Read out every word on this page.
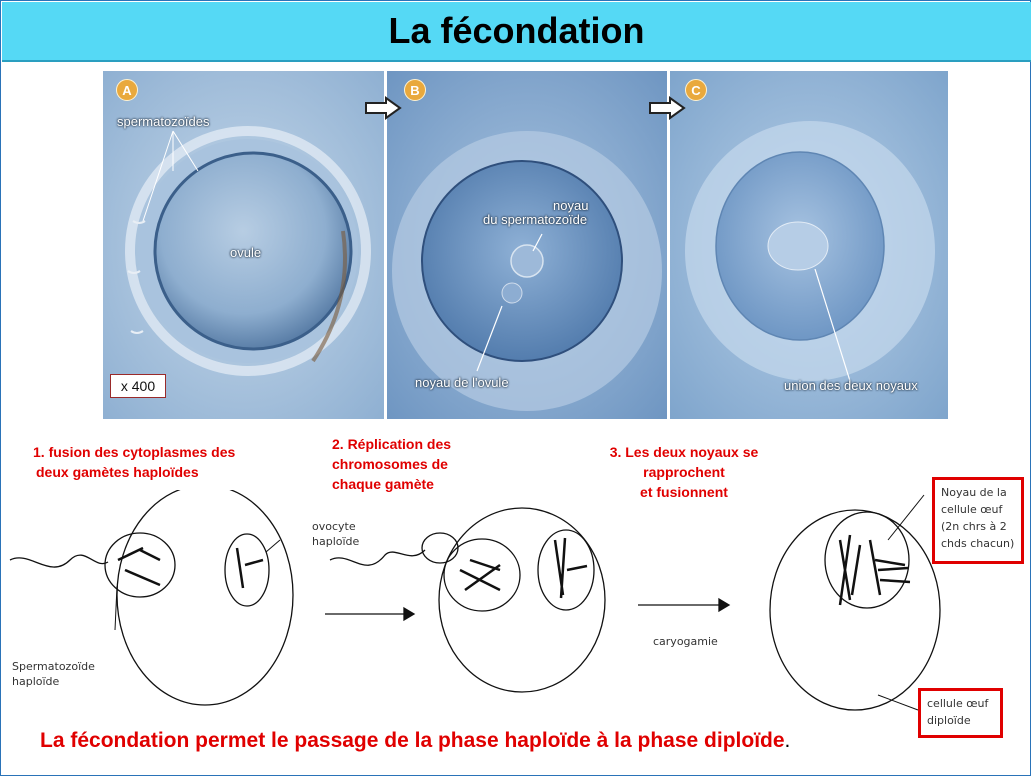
La fécondation
A
spermatozoïdes
ovule
x 400
B
noyau
du spermatozoïde
noyau de l'ovule
C
union des deux noyaux
1. fusion des cytoplasmes des
deux gamètes haploïdes
2. Réplication des
chromosomes de
chaque gamète
3. Les deux noyaux se
rapprochent
et fusionnent
ovocyte
haploïde
Spermatozoïde
haploïde
caryogamie
Noyau de la
cellule œuf
(2n chrs à 2
chds chacun)
cellule œuf
diploïde
La fécondation permet le passage de la phase haploïde à la phase diploïde.
